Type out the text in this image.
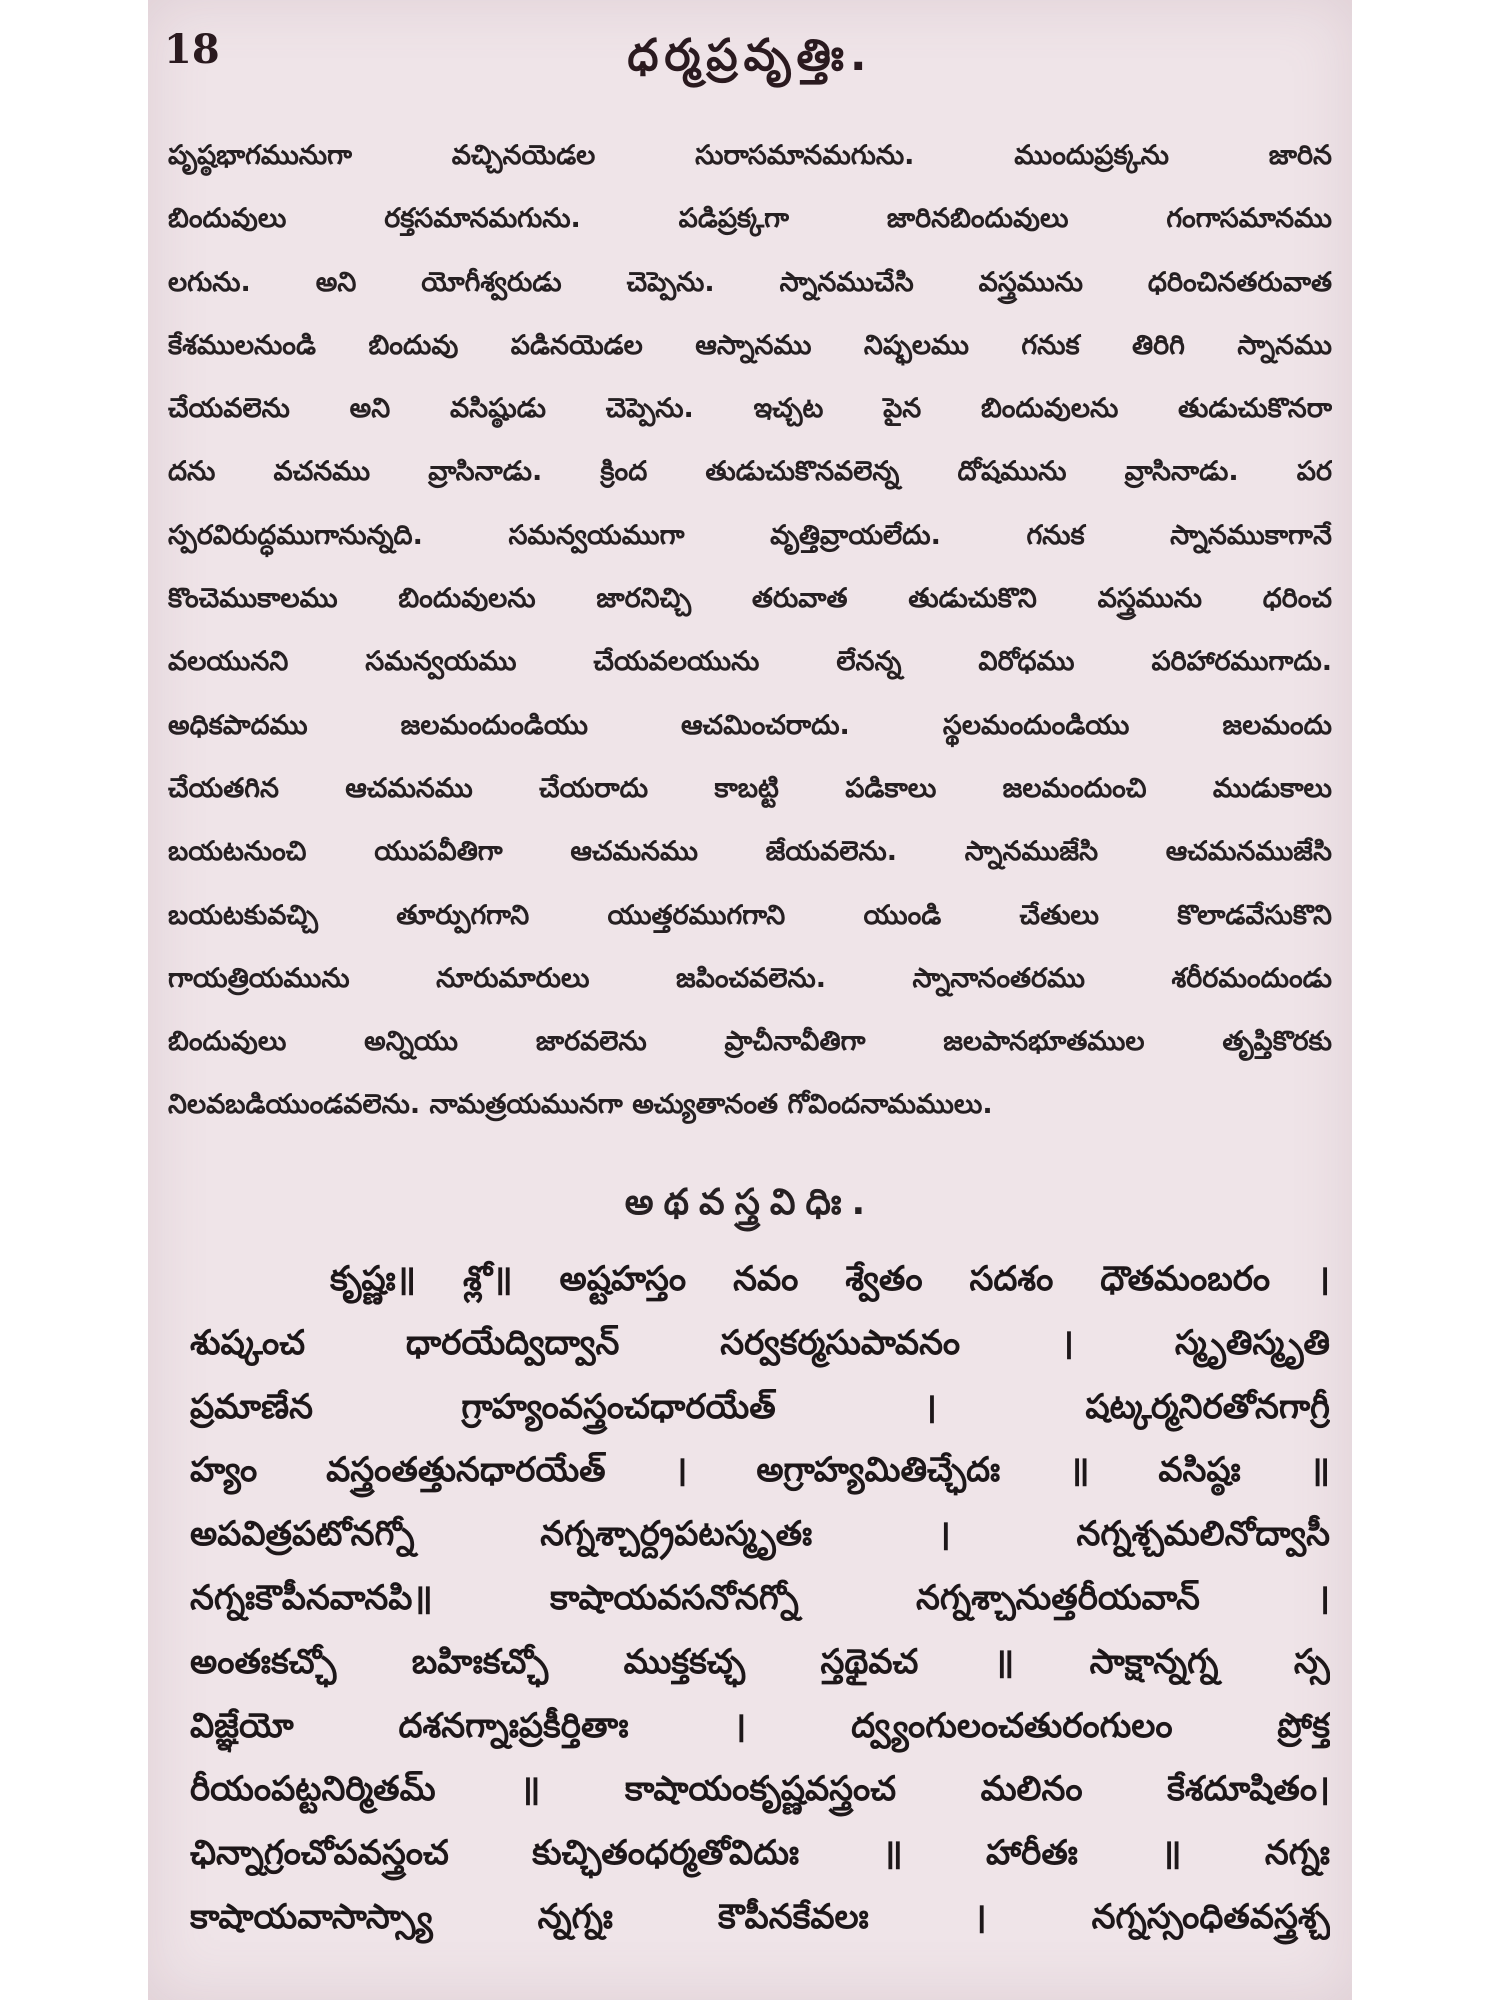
18	ధర్మప్రవృత్తిః.
పృష్ఠభాగమునుగా వచ్చినయెడల సురాసమానమగును. ముందుప్రక్కను జారిన
బిందువులు రక్తసమానమగును. పడిప్రక్కగా జారినబిందువులు గంగాసమానము
లగును. అని యోగీశ్వరుడు చెప్పెను. స్నానముచేసి వస్త్రమును ధరించినతరువాత
కేశములనుండి బిందువు పడినయెడల ఆస్నానము నిష్ఫలము గనుక తిరిగి స్నానము
చేయవలెను అని వసిష్ఠుడు చెప్పెను. ఇచ్చట పైన బిందువులను తుడుచుకొనరా
దను వచనము వ్రాసినాడు. క్రింద తుడుచుకొనవలెన్న దోషమును వ్రాసినాడు. పర
స్పరవిరుద్ధముగానున్నది. సమన్వయముగా వృత్తివ్రాయలేదు. గనుక స్నానముకాగానే
కొంచెముకాలము బిందువులను జారనిచ్చి తరువాత తుడుచుకొని వస్త్రమును ధరించ
వలయునని సమన్వయము చేయవలయును లేనన్న విరోధము పరిహారముగాదు.
అధికపాదము జలమందుండియు ఆచమించరాదు. స్థలమందుండియు జలమందు
చేయతగిన ఆచమనము చేయరాదు కాబట్టి పడికాలు జలమందుంచి ముడుకాలు
బయటనుంచి యుపవీతిగా ఆచమనము జేయవలెను. స్నానముజేసి ఆచమనముజేసి
బయటకువచ్చి తూర్పుగగాని యుత్తరముగగాని యుండి చేతులు కొలాడవేసుకొని
గాయత్రియమును నూరుమారులు జపించవలెను. స్నానానంతరము శరీరమందుండు
బిందువులు అన్నియు జారవలెను ప్రాచీనావీతిగా జలపానభూతముల తృప్తికొరకు
నిలవబడియుండవలెను. నామత్రయమునగా అచ్యుతానంత గోవిందనామములు.
అథవస్త్రవిధిః.
కృష్ణః॥ శ్లో॥ అష్టహస్తం నవం శ్వేతం సదశం ధౌతమంబరం ।
శుష్కంచ ధారయేద్విద్వాన్ సర్వకర్మసుపావనం । స్మృతిస్మృతి
ప్రమాణేన గ్రాహ్యంవస్త్రంచధారయేత్ । షట్కర్మనిరతోనగాగ్రీ
హ్యం వస్త్రంతత్తునధారయేత్ । అగ్రాహ్యమితిచ్ఛేదః ॥ వసిష్ఠః ॥
అపవిత్రపటోనగ్నో నగ్నశ్చార్ద్రపటస్మృతః । నగ్నశ్చమలినోద్వాసీ
నగ్నఃకౌపీనవానపి॥ కాషాయవసనోనగ్నో నగ్నశ్చానుత్తరీయవాన్ ।
అంతఃకచ్ఛో బహిఃకచ్ఛో ముక్తకచ్ఛ స్తథైవచ ॥ సాక్షాన్నగ్న స్స
విజ్ఞేయో దశనగ్నాఃప్రకీర్తితాః । ద్వ్యంగులంచతురంగులం ప్రోక్త
రీయంపట్టనిర్మితమ్ ॥ కాషాయంకృష్ణవస్త్రంచ మలినం కేశదూషితం।
ఛిన్నాగ్రంచోపవస్త్రంచ కుచ్ఛితంధర్మతోవిదుః ॥ హారీతః ॥ నగ్నః
కాషాయవాసాస్స్యా న్నగ్నః కౌపీనకేవలః । నగ్నస్సంధితవస్త్రశ్చ
